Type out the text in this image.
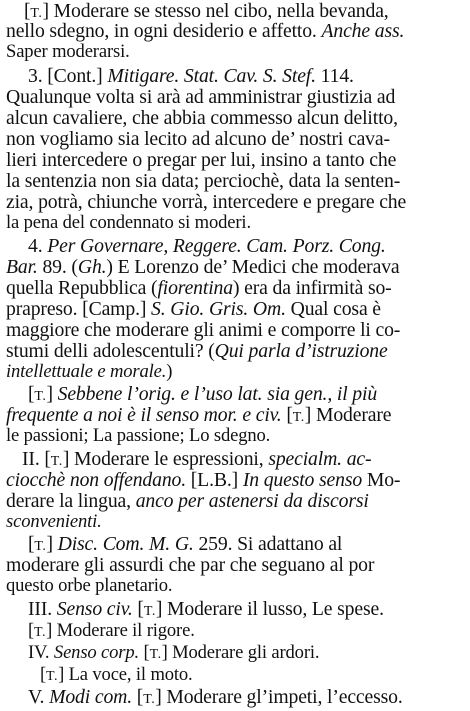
[T.] Moderare se stesso nel cibo, nella bevanda,
nello sdegno, in ogni desiderio e affetto. Anche ass.
Saper moderarsi.
3. [Cont.] Mitigare. Stat. Cav. S. Stef. 114.
Qualunque volta si arà ad amministrar giustizia ad
alcun cavaliere, che abbia commesso alcun delitto,
non vogliamo sia lecito ad alcuno de’ nostri cava-
lieri intercedere o pregar per lui, insino a tanto che
la sentenzia non sia data; perciochè, data la senten-
zia, potrà, chiunche vorrà, intercedere e pregare che
la pena del condennato si moderi.
4. Per Governare, Reggere. Cam. Porz. Cong.
Bar. 89. (Gh.) E Lorenzo de’ Medici che moderava
quella Repubblica (fiorentina) era da infirmità so-
prapreso. [Camp.] S. Gio. Gris. Om. Qual cosa è
maggiore che moderare gli animi e comporre li co-
stumi delli adolescentuli? (Qui parla d’istruzione
intellettuale e morale.)
[T.] Sebbene l’orig. e l’uso lat. sia gen., il più
frequente a noi è il senso mor. e civ. [T.] Moderare
le passioni; La passione; Lo sdegno.
II. [T.] Moderare le espressioni, specialm. ac-
ciocchè non offendano. [L.B.] In questo senso Mo-
derare la lingua, anco per astenersi da discorsi
sconvenienti.
[T.] Disc. Com. M. G. 259. Si adattano al
moderare gli assurdi che par che seguano al por
questo orbe planetario.
III. Senso civ. [T.] Moderare il lusso, Le spese.
[T.] Moderare il rigore.
IV. Senso corp. [T.] Moderare gli ardori.
[T.] La voce, il moto.
V. Modi com. [T.] Moderare gl’impeti, l’eccesso.
